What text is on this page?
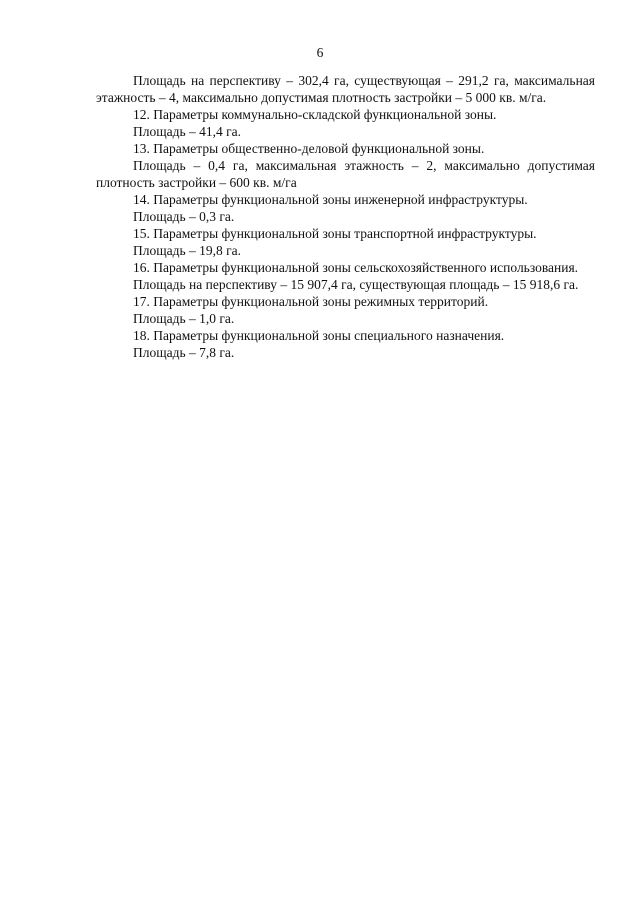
6

Площадь на перспективу – 302,4 га, существующая – 291,2 га, максимальная этажность – 4, максимально допустимая плотность застройки – 5 000 кв. м/га.

12. Параметры коммунально-складской функциональной зоны.

Площадь – 41,4 га.

13. Параметры общественно-деловой функциональной зоны.

Площадь – 0,4 га, максимальная этажность – 2, максимально допустимая плотность застройки – 600 кв. м/га

14. Параметры функциональной зоны инженерной инфраструктуры.

Площадь – 0,3 га.

15. Параметры функциональной зоны транспортной инфраструктуры.

Площадь – 19,8 га.

16. Параметры функциональной зоны сельскохозяйственного использования.

Площадь на перспективу – 15 907,4 га, существующая площадь – 15 918,6 га.

17. Параметры функциональной зоны режимных территорий.

Площадь – 1,0 га.

18. Параметры функциональной зоны специального назначения.

Площадь – 7,8 га.
